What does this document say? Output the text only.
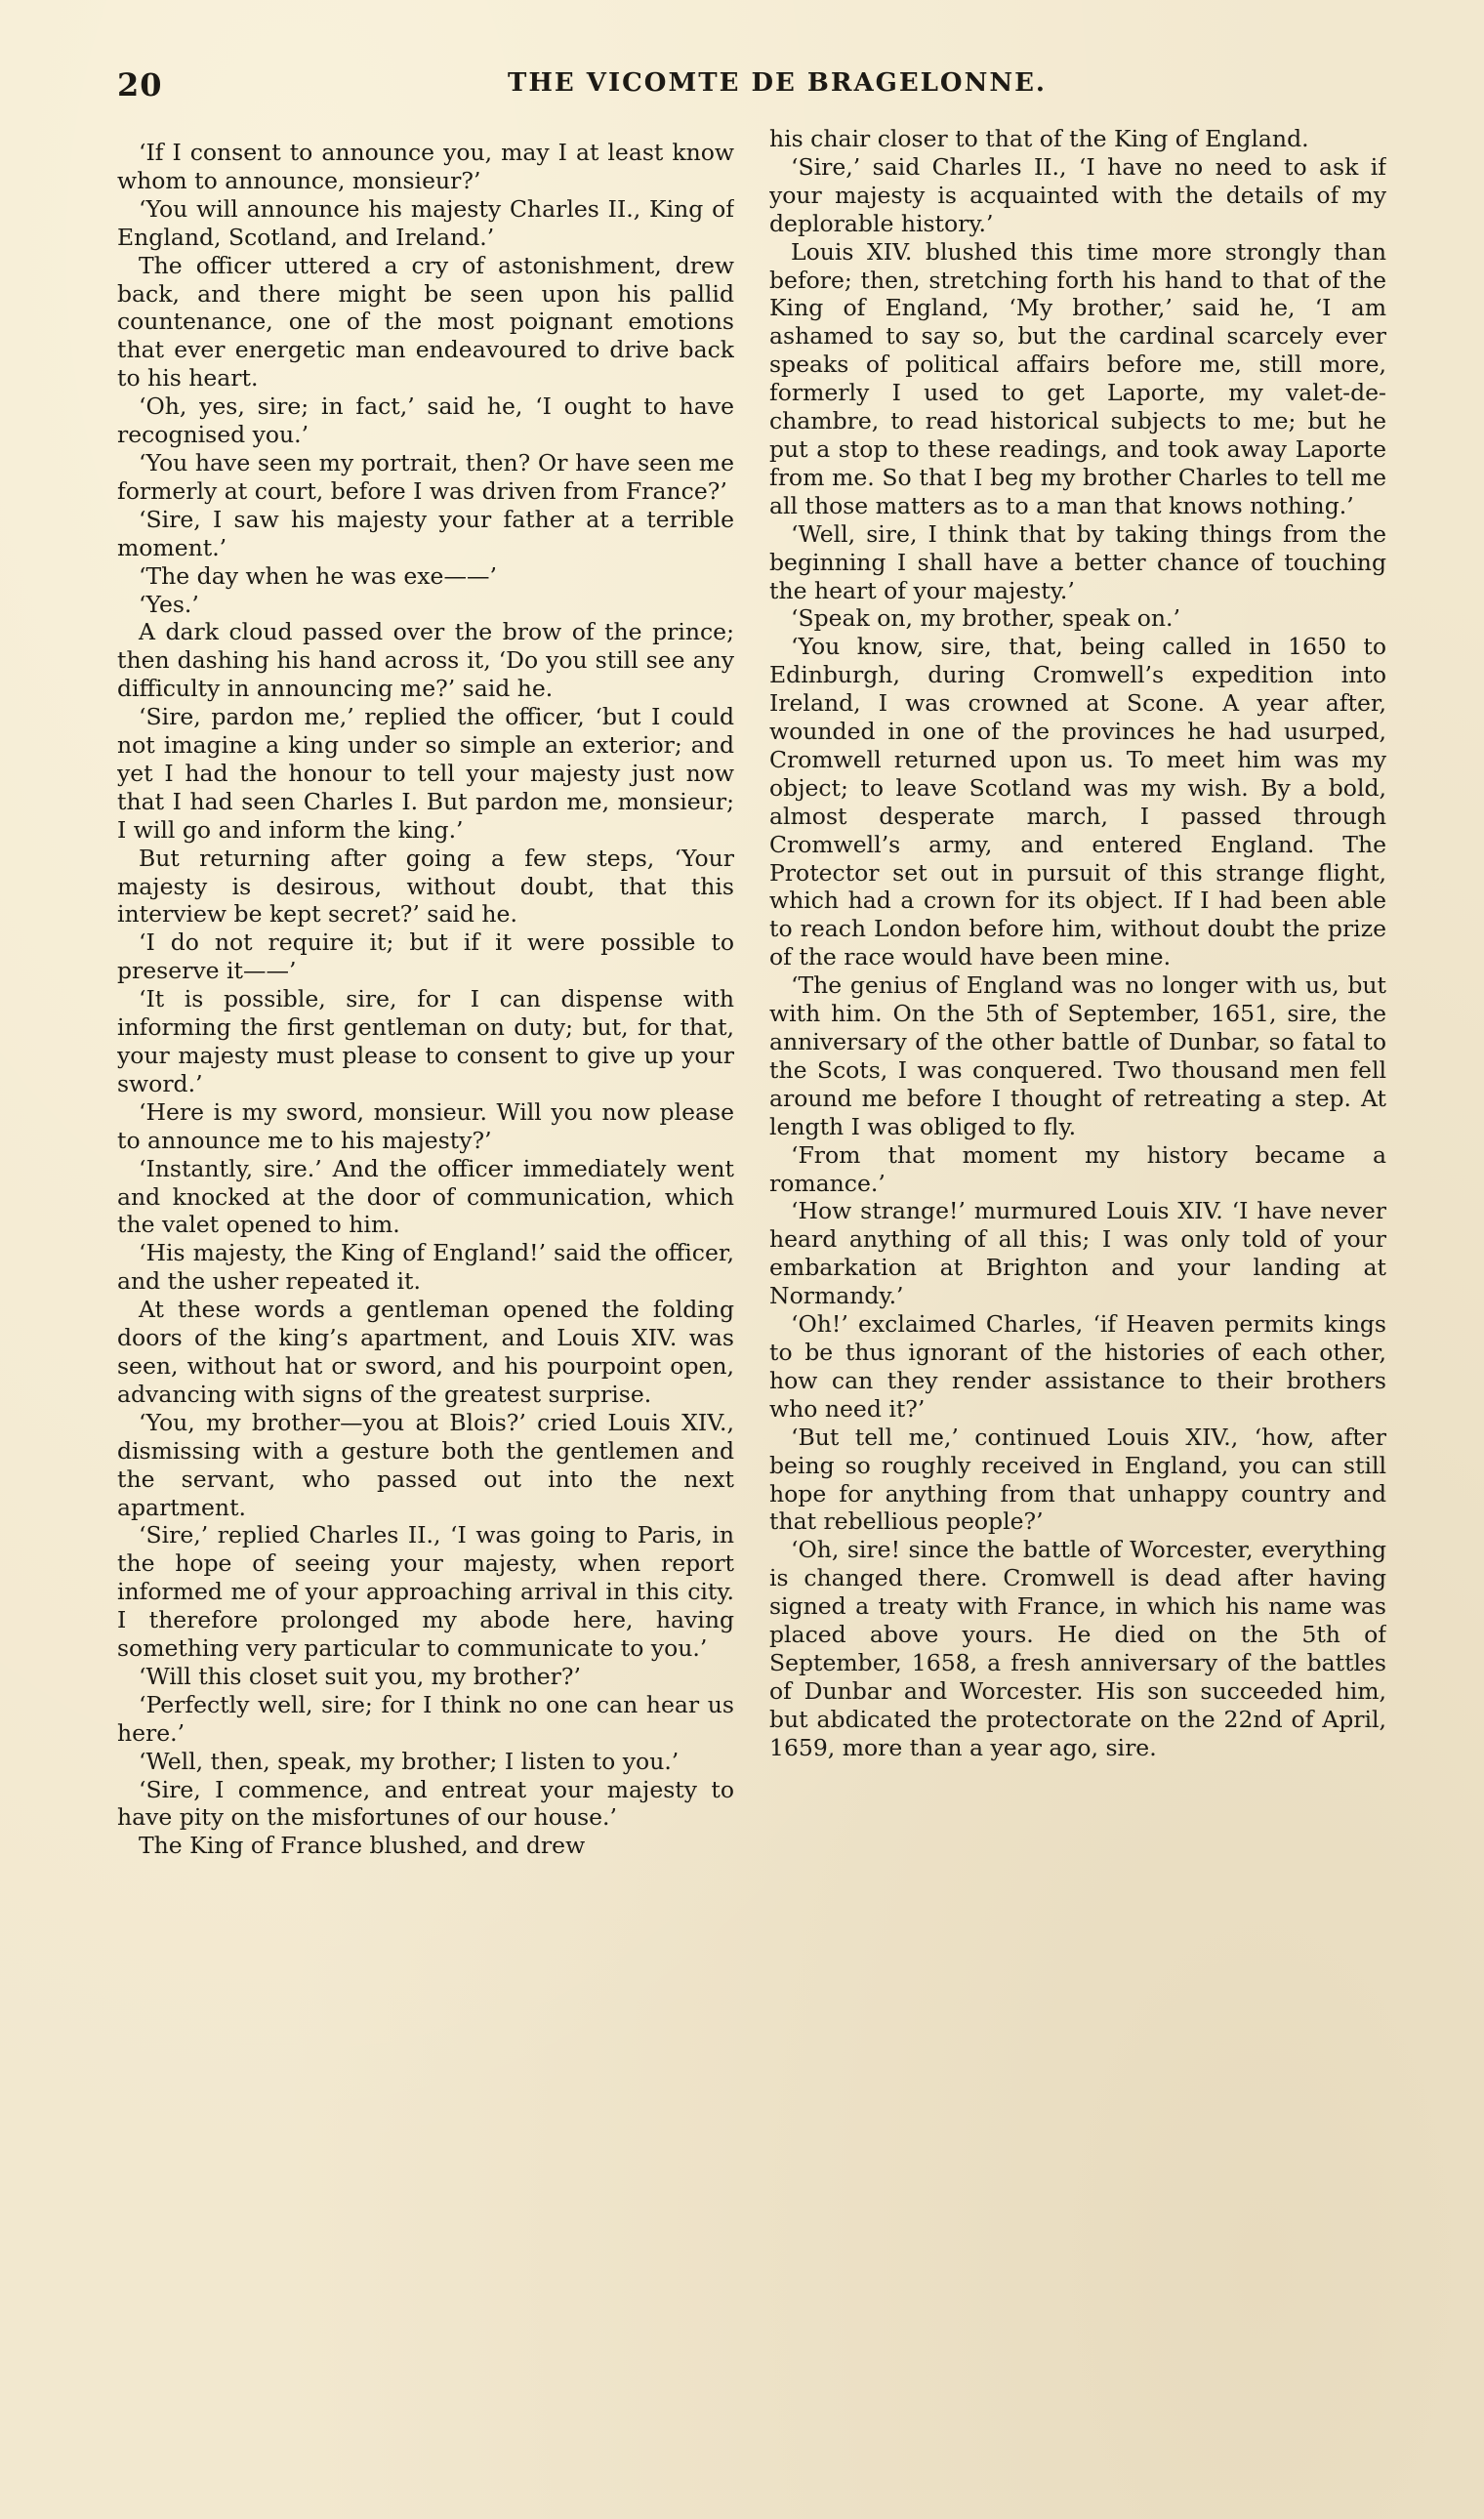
20	THE VICOMTE DE BRAGELONNE.

‘If I consent to announce you, may I at least know whom to announce, monsieur?’

‘You will announce his majesty Charles II., King of England, Scotland, and Ireland.’

The officer uttered a cry of astonishment, drew back, and there might be seen upon his pallid countenance, one of the most poignant emotions that ever energetic man endeavoured to drive back to his heart.

‘Oh, yes, sire; in fact,’ said he, ‘I ought to have recognised you.’

‘You have seen my portrait, then? Or have seen me formerly at court, before I was driven from France?’

‘Sire, I saw his majesty your father at a terrible moment.’

‘The day when he was exe——’

‘Yes.’

A dark cloud passed over the brow of the prince; then dashing his hand across it, ‘Do you still see any difficulty in announcing me?’ said he.

‘Sire, pardon me,’ replied the officer, ‘but I could not imagine a king under so simple an exterior; and yet I had the honour to tell your majesty just now that I had seen Charles I. But pardon me, monsieur; I will go and inform the king.’

But returning after going a few steps, ‘Your majesty is desirous, without doubt, that this interview be kept secret?’ said he.

‘I do not require it; but if it were possible to preserve it——’

‘It is possible, sire, for I can dispense with informing the first gentleman on duty; but, for that, your majesty must please to consent to give up your sword.’

‘Here is my sword, monsieur. Will you now please to announce me to his majesty?’

‘Instantly, sire.’ And the officer immediately went and knocked at the door of communication, which the valet opened to him.

‘His majesty, the King of England!’ said the officer, and the usher repeated it.

At these words a gentleman opened the folding doors of the king’s apartment, and Louis XIV. was seen, without hat or sword, and his pourpoint open, advancing with signs of the greatest surprise.

‘You, my brother—you at Blois?’ cried Louis XIV., dismissing with a gesture both the gentlemen and the servant, who passed out into the next apartment.

‘Sire,’ replied Charles II., ‘I was going to Paris, in the hope of seeing your majesty, when report informed me of your approaching arrival in this city. I therefore prolonged my abode here, having something very particular to communicate to you.’

‘Will this closet suit you, my brother?’

‘Perfectly well, sire; for I think no one can hear us here.’

‘Well, then, speak, my brother; I listen to you.’

‘Sire, I commence, and entreat your majesty to have pity on the misfortunes of our house.’

The King of France blushed, and drew

his chair closer to that of the King of England.

‘Sire,’ said Charles II., ‘I have no need to ask if your majesty is acquainted with the details of my deplorable history.’

Louis XIV. blushed this time more strongly than before; then, stretching forth his hand to that of the King of England, ‘My brother,’ said he, ‘I am ashamed to say so, but the cardinal scarcely ever speaks of political affairs before me, still more, formerly I used to get Laporte, my valet-de-chambre, to read historical subjects to me; but he put a stop to these readings, and took away Laporte from me. So that I beg my brother Charles to tell me all those matters as to a man that knows nothing.’

‘Well, sire, I think that by taking things from the beginning I shall have a better chance of touching the heart of your majesty.’

‘Speak on, my brother, speak on.’

‘You know, sire, that, being called in 1650 to Edinburgh, during Cromwell’s expedition into Ireland, I was crowned at Scone. A year after, wounded in one of the provinces he had usurped, Cromwell returned upon us. To meet him was my object; to leave Scotland was my wish. By a bold, almost desperate march, I passed through Cromwell’s army, and entered England. The Protector set out in pursuit of this strange flight, which had a crown for its object. If I had been able to reach London before him, without doubt the prize of the race would have been mine.

‘The genius of England was no longer with us, but with him. On the 5th of September, 1651, sire, the anniversary of the other battle of Dunbar, so fatal to the Scots, I was conquered. Two thousand men fell around me before I thought of retreating a step. At length I was obliged to fly.

‘From that moment my history became a romance.’

‘How strange!’ murmured Louis XIV. ‘I have never heard anything of all this; I was only told of your embarkation at Brighton and your landing at Normandy.’

‘Oh!’ exclaimed Charles, ‘if Heaven permits kings to be thus ignorant of the histories of each other, how can they render assistance to their brothers who need it?’

‘But tell me,’ continued Louis XIV., ‘how, after being so roughly received in England, you can still hope for anything from that unhappy country and that rebellious people?’

‘Oh, sire! since the battle of Worcester, everything is changed there. Cromwell is dead after having signed a treaty with France, in which his name was placed above yours. He died on the 5th of September, 1658, a fresh anniversary of the battles of Dunbar and Worcester. His son succeeded him, but abdicated the protectorate on the 22nd of April, 1659, more than a year ago, sire.
